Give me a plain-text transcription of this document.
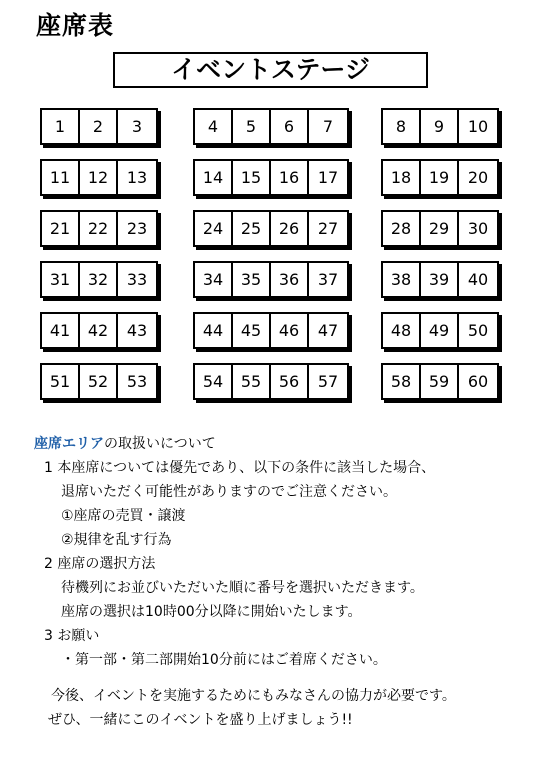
座席表
イベントステージ
1	2	3	4	5	6	7	8	9	10
11	12	13	14	15	16	17	18	19	20
21	22	23	24	25	26	27	28	29	30
31	32	33	34	35	36	37	38	39	40
41	42	43	44	45	46	47	48	49	50
51	52	53	54	55	56	57	58	59	60
座席エリアの取扱いについて
1 本座席については優先であり、以下の条件に該当した場合、
退席いただく可能性がありますのでご注意ください。
①座席の売買・譲渡
②規律を乱す行為
2 座席の選択方法
待機列にお並びいただいた順に番号を選択いただきます。
座席の選択は10時00分以降に開始いたします。
3 お願い
・第一部・第二部開始10分前にはご着席ください。
今後、イベントを実施するためにもみなさんの協力が必要です。
ぜひ、一緒にこのイベントを盛り上げましょう!!
